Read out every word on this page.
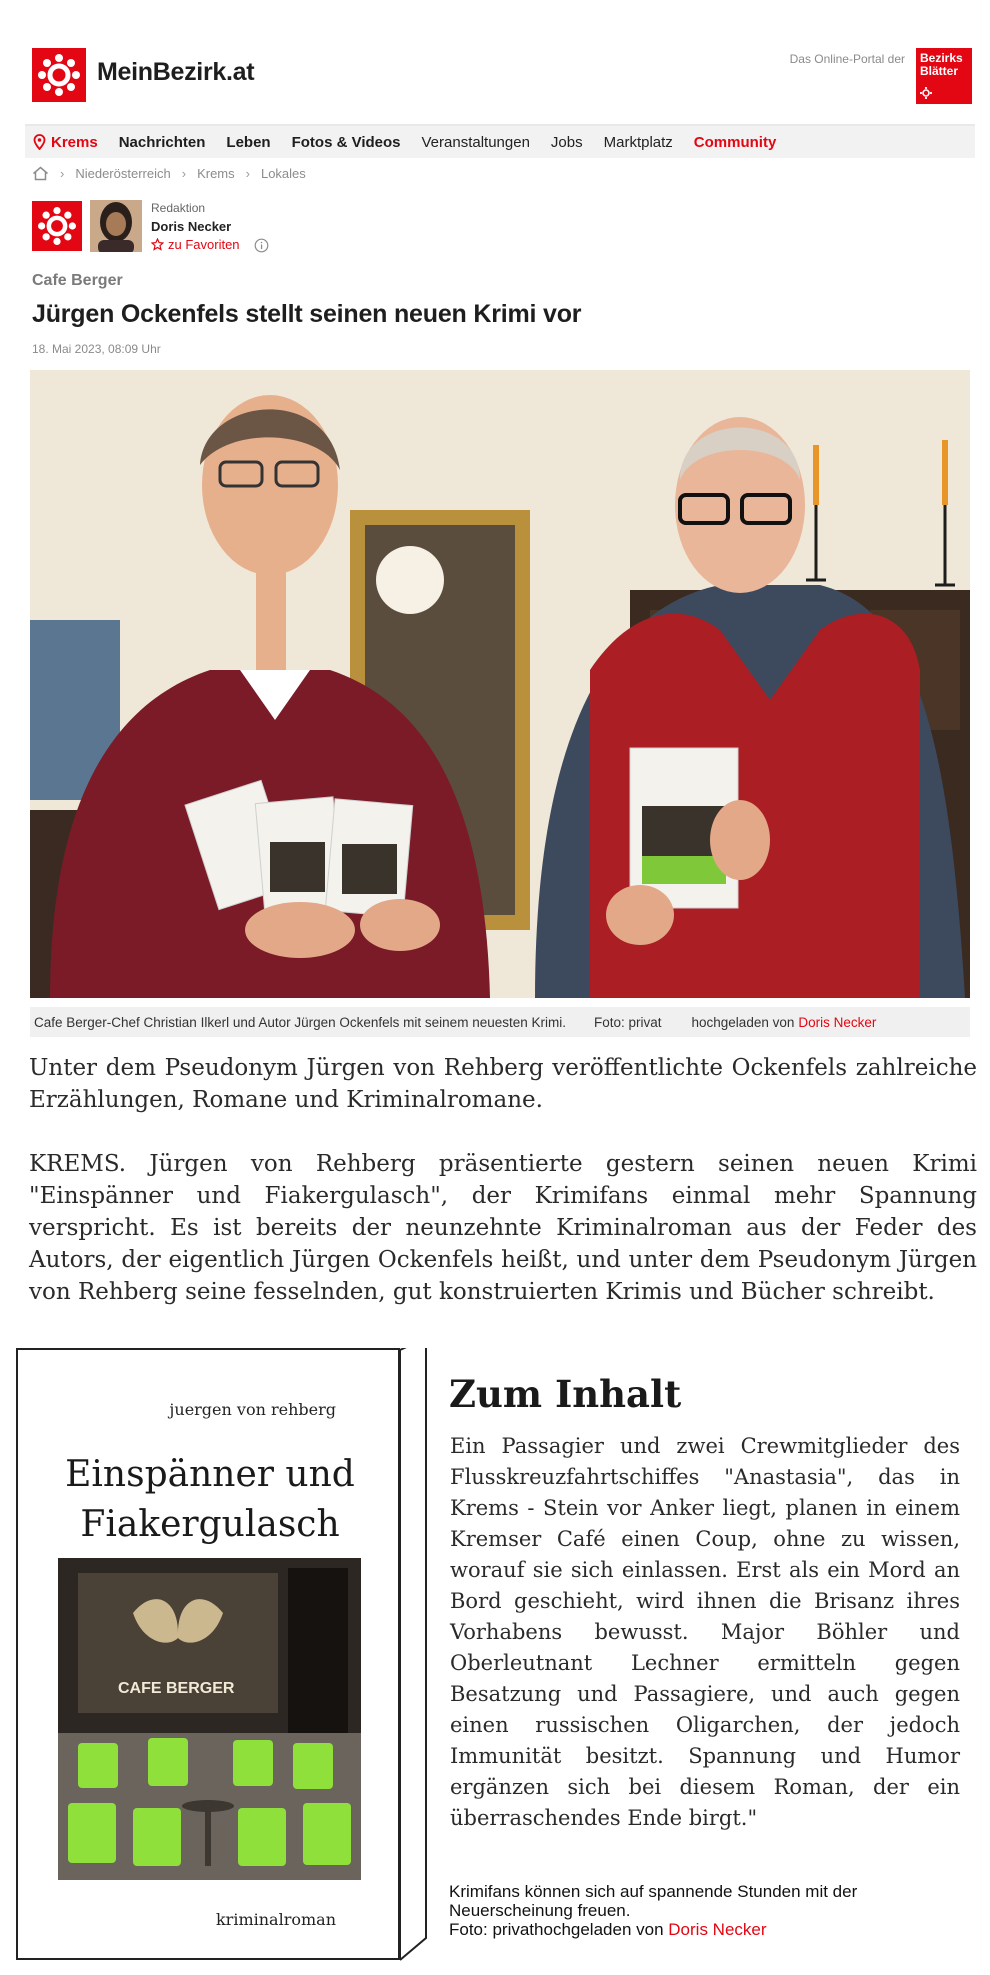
MeinBezirk.at	Das Online-Portal der	Bezirks
Blätter
Krems Nachrichten Leben Fotos & Videos Veranstaltungen Jobs Marktplatz Community
› Niederösterreich › Krems › Lokales
Redaktion
Doris Necker
zu Favoriten
Cafe Berger
Jürgen Ockenfels stellt seinen neuen Krimi vor
18. Mai 2023, 08:09 Uhr
Cafe Berger-Chef Christian Ilkerl und Autor Jürgen Ockenfels mit seinem neuesten Krimi. Foto: privat hochgeladen von Doris Necker

Unter dem Pseudonym Jürgen von Rehberg veröffentlichte Ockenfels zahlreiche Erzählungen, Romane und Kriminalromane.

KREMS. Jürgen von Rehberg präsentierte gestern seinen neuen Krimi "Einspänner und Fiakergulasch", der Krimifans einmal mehr Spannung verspricht. Es ist bereits der neunzehnte Kriminalroman aus der Feder des Autors, der eigentlich Jürgen Ockenfels heißt, und unter dem Pseudonym Jürgen von Rehberg seine fesselnden, gut konstruierten Krimis und Bücher schreibt.

juergen von rehberg
Einspänner und
Fiakergulasch
CAFE BERGER
kriminalroman
Zum Inhalt

Ein Passagier und zwei Crewmitglieder des Flusskreuzfahrtschiffes "Anastasia", das in Krems - Stein vor Anker liegt, planen in einem Kremser Café einen Coup, ohne zu wissen, worauf sie sich einlassen. Erst als ein Mord an Bord geschieht, wird ihnen die Brisanz ihres Vorhabens bewusst. Major Böhler und Oberleutnant Lechner ermitteln gegen Besatzung und Passagiere, und auch gegen einen russischen Oligarchen, der jedoch Immunität besitzt. Spannung und Humor ergänzen sich bei diesem Roman, der ein überraschendes Ende birgt."

Krimifans können sich auf spannende Stunden mit der Neuerscheinung freuen.
Foto: privathochgeladen von Doris Necker
